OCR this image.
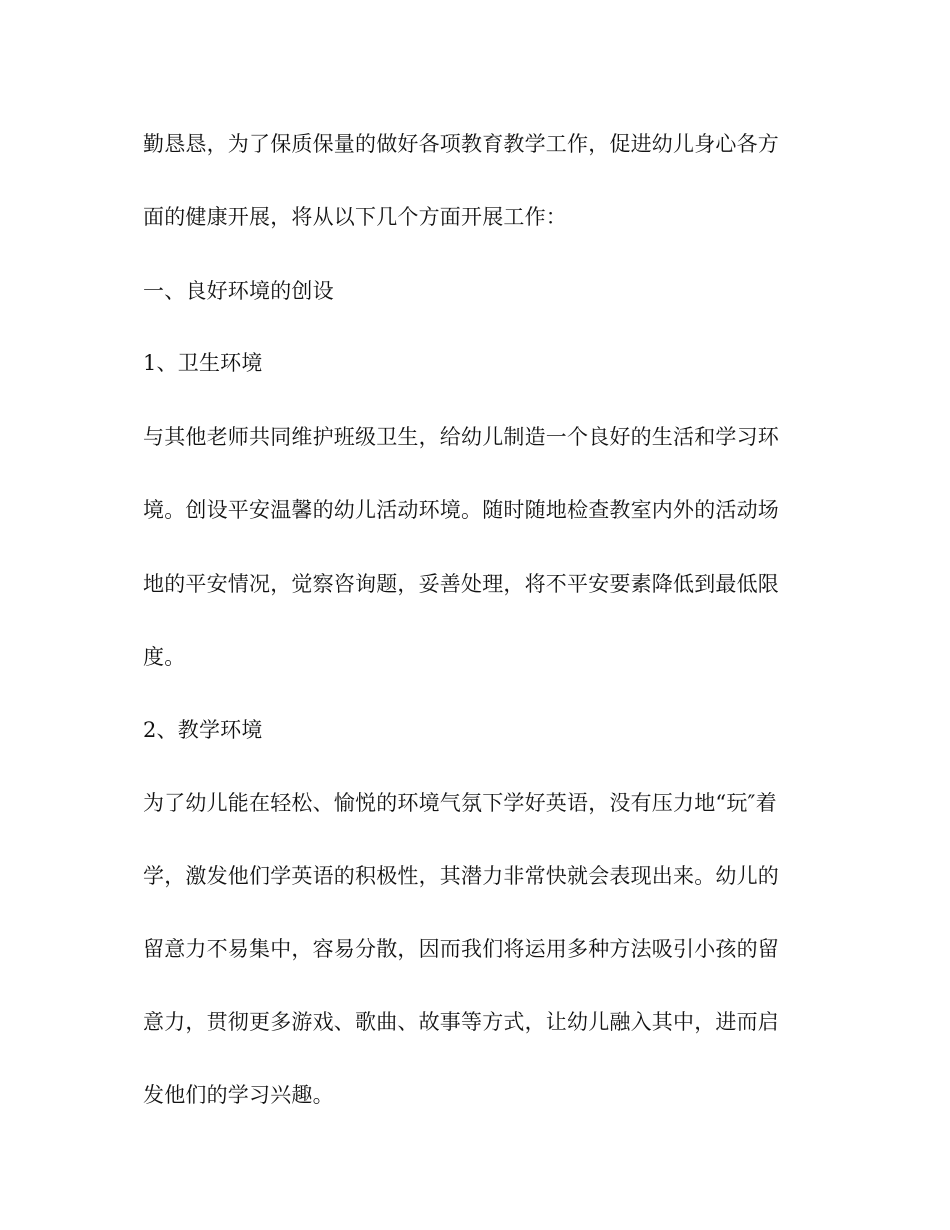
勤恳恳，为了保质保量的做好各项教育教学工作，促进幼儿身心各方
面的健康开展，将从以下几个方面开展工作：
一、良好环境的创设
1、卫生环境
与其他老师共同维护班级卫生，给幼儿制造一个良好的生活和学习环
境。创设平安温馨的幼儿活动环境。随时随地检查教室内外的活动场
地的平安情况，觉察咨询题，妥善处理，将不平安要素降低到最低限
度。
2、教学环境
为了幼儿能在轻松、愉悦的环境气氛下学好英语，没有压力地“玩″着
学，激发他们学英语的积极性，其潜力非常快就会表现出来。幼儿的
留意力不易集中，容易分散，因而我们将运用多种方法吸引小孩的留
意力，贯彻更多游戏、歌曲、故事等方式，让幼儿融入其中，进而启
发他们的学习兴趣。
